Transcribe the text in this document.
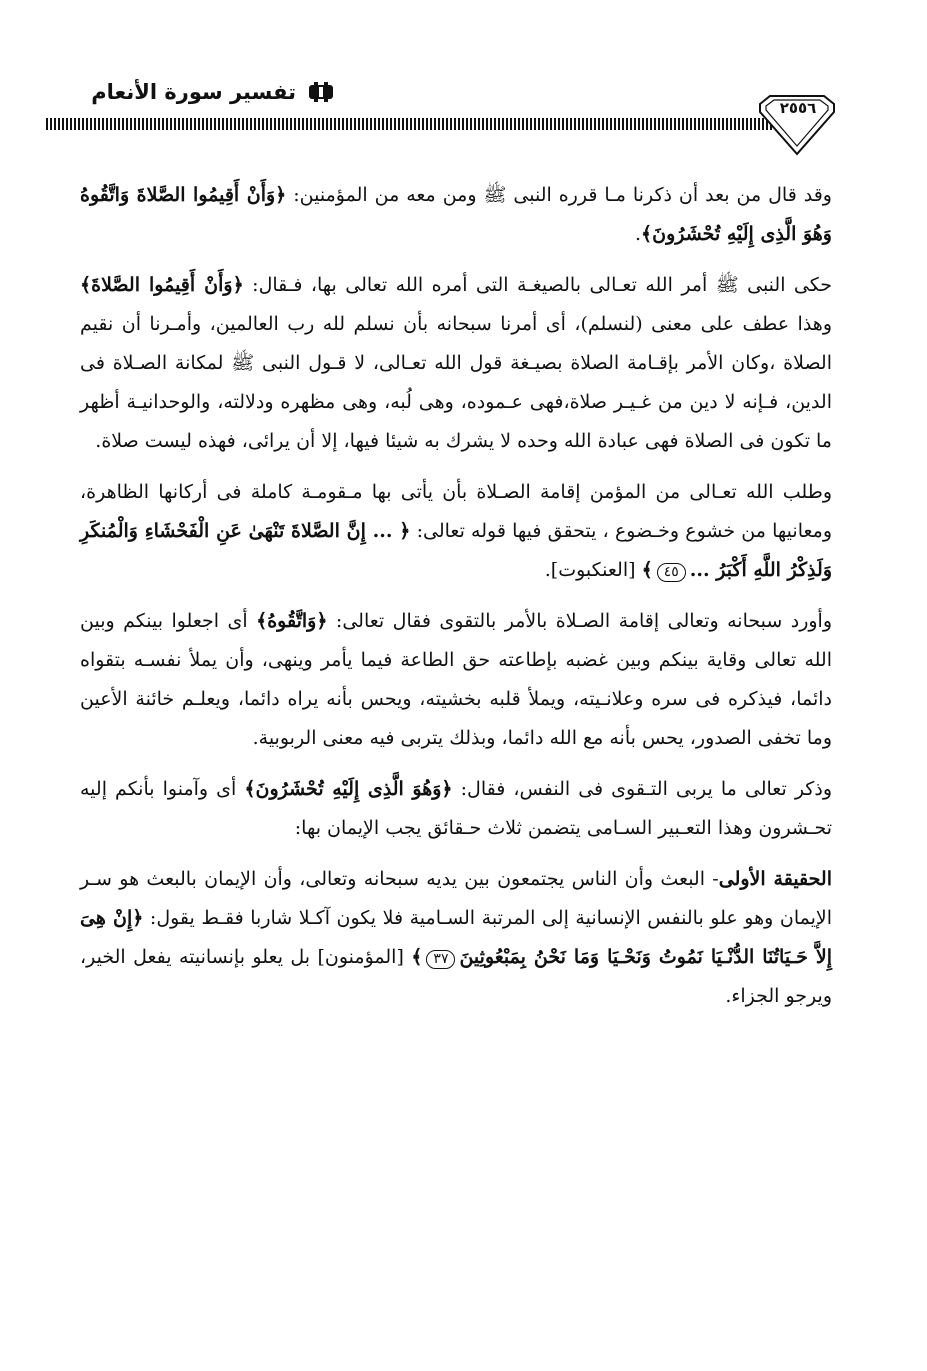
تفسير سورة الأنعام
٢٥٥٦

وقد قال من بعد أن ذكرنا مـا قرره النبى ﷺ ومن معه من المؤمنين: ﴿وَأَنْ أَقِيمُوا الصَّلاةَ وَاتَّقُوهُ وَهُوَ الَّذِى إِلَيْهِ تُحْشَرُونَ﴾.

حكى النبى ﷺ أمر الله تعـالى بالصيغـة التى أمره الله تعالى بها، فـقال: ﴿وَأَنْ أَقِيمُوا الصَّلاةَ﴾ وهذا عطف على معنى (لنسلم)، أى أمرنا سبحانه بأن نسلم لله رب العالمين، وأمـرنا أن نقيم الصلاة ،وكان الأمر بإقـامة الصلاة بصيـغة قول الله تعـالى، لا قـول النبى ﷺ لمكانة الصـلاة فى الدين، فـإنه لا دين من غـيـر صلاة،فهى عـموده، وهى لُبه، وهى مظهره ودلالته، والوحدانيـة أظهر ما تكون فى الصلاة فهى عبادة الله وحده لا يشرك به شيئا فيها، إلا أن يرائى، فهذه ليست صلاة.

وطلب الله تعـالى من المؤمن إقامة الصـلاة بأن يأتى بها مـقومـة كاملة فى أركانها الظاهرة، ومعانيها من خشوع وخـضوع ، يتحقق فيها قوله تعالى: ﴿ ... إِنَّ الصَّلاةَ تَنْهَىٰ عَنِ الْفَحْشَاءِ وَالْمُنكَرِ وَلَذِكْرُ اللَّهِ أَكْبَرُ ...٤٥﴾ [العنكبوت].

وأورد سبحانه وتعالى إقامة الصـلاة بالأمر بالتقوى فقال تعالى: ﴿وَاتَّقُوهُ﴾ أى اجعلوا بينكم وبين الله تعالى وقاية بينكم وبين غضبه بإطاعته حق الطاعة فيما يأمر وينهى، وأن يملأ نفسـه بتقواه دائما، فيذكره فى سره وعلانـيته، ويملأ قلبه بخشيته، ويحس بأنه يراه دائما، ويعلـم خائنة الأعين وما تخفى الصدور، يحس بأنه مع الله دائما، وبذلك يتربى فيه معنى الربوبية.

وذكر تعالى ما يربى التـقوى فى النفس، فقال: ﴿وَهُوَ الَّذِى إِلَيْهِ تُحْشَرُونَ﴾ أى وآمنوا بأنكم إليه تحـشرون وهذا التعـبير السـامى يتضمن ثلاث حـقائق يجب الإيمان بها:

الحقيقة الأولى- البعث وأن الناس يجتمعون بين يديه سبحانه وتعالى، وأن الإيمان بالبعث هو سـر الإيمان وهو علو بالنفس الإنسانية إلى المرتبة السـامية فلا يكون آكـلا شاربا فقـط يقول: ﴿إِنْ هِىَ إِلاَّ حَـيَاتُنَا الدُّنْـيَا نَمُوتُ وَنَحْـيَا وَمَا نَحْنُ بِمَبْعُوثِينَ٣٧﴾ [المؤمنون] بل يعلو بإنسانيته يفعل الخير، ويرجو الجزاء.
